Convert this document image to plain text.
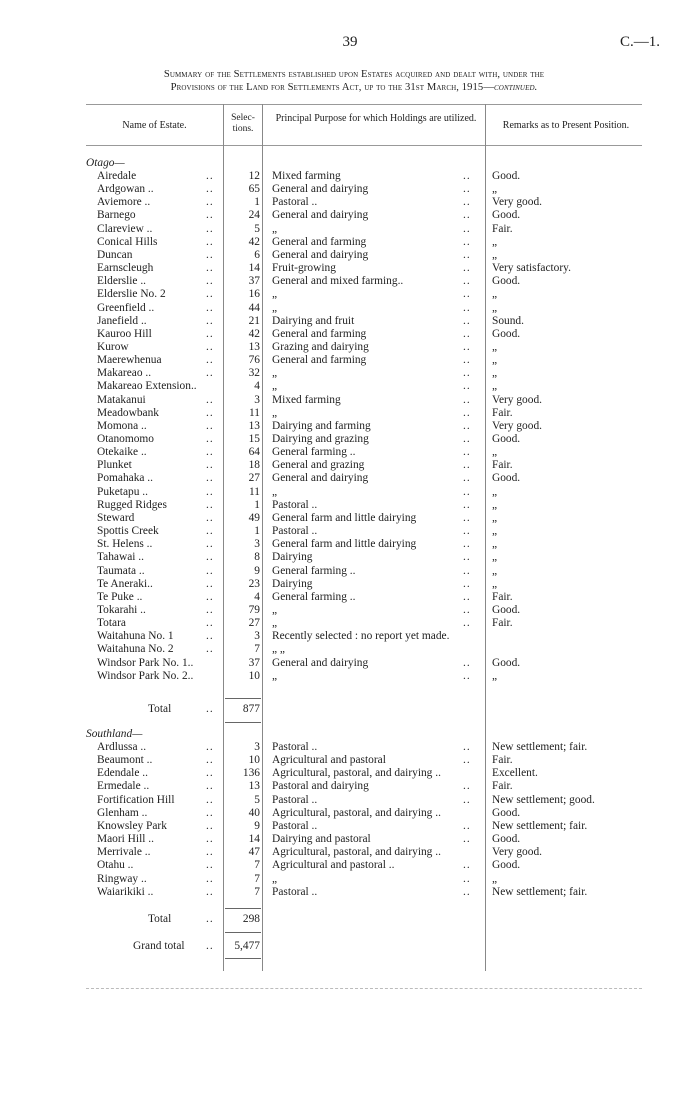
39	C.—1.
Summary of the Settlements established upon Estates acquired and dealt with, under the
Provisions of the Land for Settlements Act, up to the 31st March, 1915—continued.
Name of Estate.
Selec- tions.
Principal Purpose for which Holdings are utilized.
Remarks as to Present Position.
Otago—
Airedale	..	12 Mixed farming	.. Good.
Ardgowan ..	..	65 General and dairying	.. „
Aviemore ..	..	1 Pastoral ..	.. Very good.
Barnego	..	24 General and dairying	.. Good.
Clareview ..	..	5 „	.. Fair.
Conical Hills	..	42 General and farming	.. „
Duncan	..	6 General and dairying	.. „
Earnscleugh	..	14 Fruit-growing	.. Very satisfactory.
Elderslie ..	..	37 General and mixed farming..	.. Good.
Elderslie No. 2	..	16 „	.. „
Greenfield ..	..	44 „	.. „
Janefield ..	..	21 Dairying and fruit	.. Sound.
Kauroo Hill	..	42 General and farming	.. Good.
Kurow	..	13 Grazing and dairying	.. „
Maerewhenua	..	76 General and farming	.. „
Makareao ..	..	32 „	.. „
Makareao Extension..	4 „	.. „
Matakanui	..	3 Mixed farming	.. Very good.
Meadowbank	..	11 „	.. Fair.
Momona ..	..	13 Dairying and farming	.. Very good.
Otanomomo	..	15 Dairying and grazing	.. Good.
Otekaike ..	..	64 General farming ..	.. „
Plunket	..	18 General and grazing	.. Fair.
Pomahaka ..	..	27 General and dairying	.. Good.
Puketapu ..	..	11 „	.. „
Rugged Ridges	..	1 Pastoral ..	.. „
Steward	..	49 General farm and little dairying	.. „
Spottis Creek	..	1 Pastoral ..	.. „
St. Helens ..	..	3 General farm and little dairying	.. „
Tahawai ..	..	8 Dairying	.. „
Taumata ..	..	9 General farming ..	.. „
Te Aneraki..	..	23 Dairying	.. „
Te Puke ..	..	4 General farming ..	.. Fair.
Tokarahi ..	..	79 „	.. Good.
Totara	..	27 „	.. Fair.
Waitahuna No. 1	..	3 Recently selected : no report yet made.
Waitahuna No. 2	..	7 „ „
Windsor Park No. 1..	37 General and dairying	.. Good.
Windsor Park No. 2..	10 „	.. „
Total	..	877
Southland—
Ardlussa ..	..	3 Pastoral ..	.. New settlement; fair.
Beaumont ..	..	10 Agricultural and pastoral	.. Fair.
Edendale ..	..	136 Agricultural, pastoral, and dairying ..	Excellent.
Ermedale ..	..	13 Pastoral and dairying	.. Fair.
Fortification Hill	..	5 Pastoral ..	.. New settlement; good.
Glenham ..	..	40 Agricultural, pastoral, and dairying ..	Good.
Knowsley Park	..	9 Pastoral ..	.. New settlement; fair.
Maori Hill ..	..	14 Dairying and pastoral	.. Good.
Merrivale ..	..	47 Agricultural, pastoral, and dairying ..	Very good.
Otahu ..	..	7 Agricultural and pastoral ..	.. Good.
Ringway ..	..	7 „	.. „
Waiarikiki ..	..	7 Pastoral ..	.. New settlement; fair.
Total	..	298
Grand total ..	5,477
